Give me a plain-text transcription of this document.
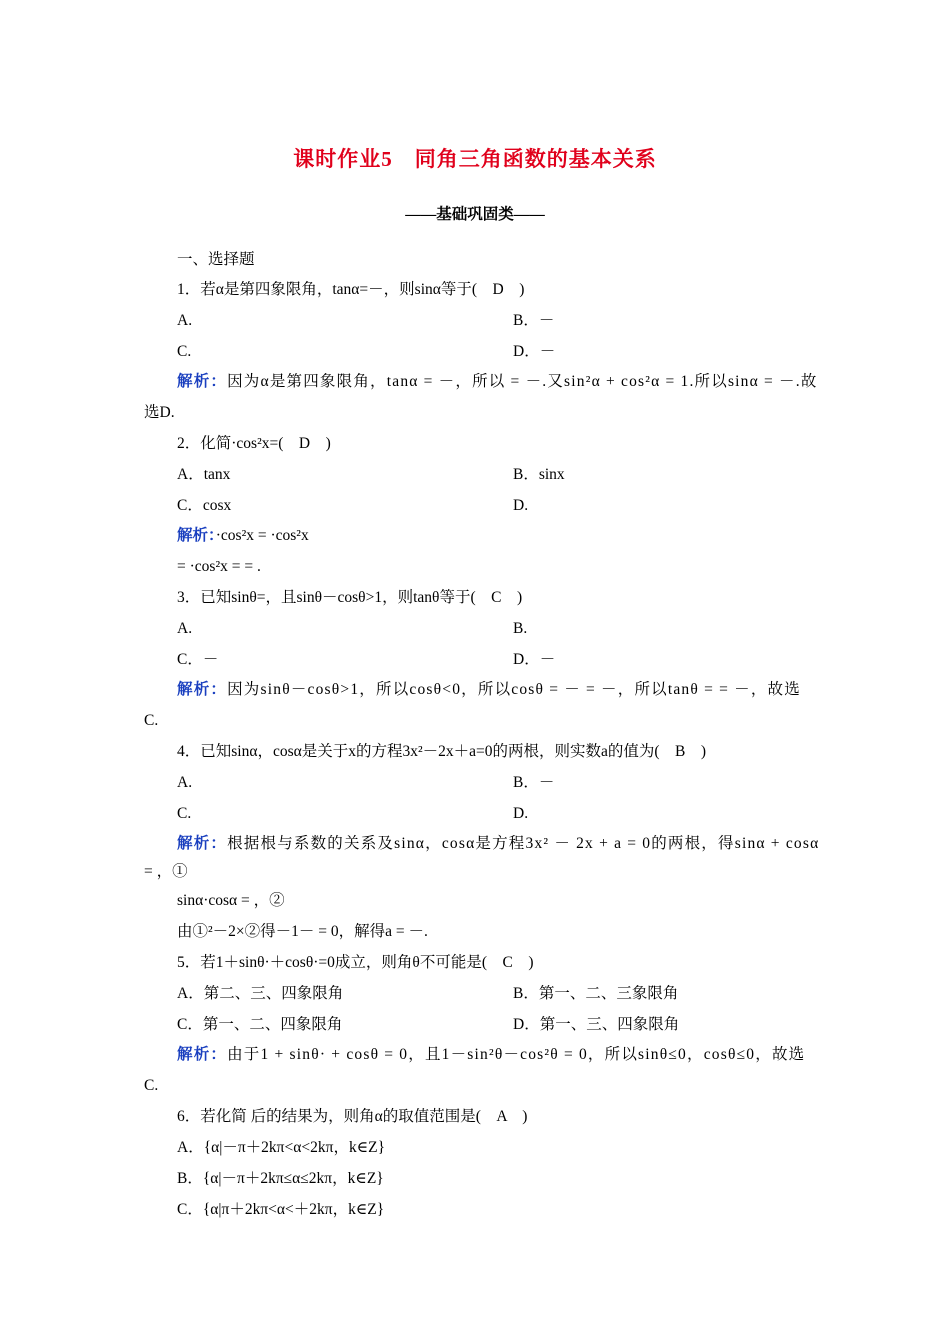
课时作业5　同角三角函数的基本关系
——基础巩固类——
一、选择题
1．若α是第四象限角，tanα=－，则sinα等于(　D　)
A.	B．－
C.	D．－
解析：因为α是第四象限角，tanα = －，所以 = －.又sin²α + cos²α = 1.所以sinα = －.故
选D.
2．化简·cos²x=(　D　)
A．tanx	B．sinx
C．cosx	D.
解析：·cos²x = ·cos²x
= ·cos²x = = .
3．已知sinθ=，且sinθ－cosθ>1，则tanθ等于(　C　)
A.	B.
C．－	D．－
解析：因为sinθ－cosθ>1，所以cosθ<0，所以cosθ = － = －，所以tanθ = = －，故选
C.
4．已知sinα，cosα是关于x的方程3x²－2x＋a=0的两根，则实数a的值为(　B　)
A.	B．－
C.	D.
解析：根据根与系数的关系及sinα，cosα是方程3x² － 2x + a = 0的两根，得sinα + cosα
= ，①
sinα·cosα = ，②
由①²－2×②得－1－ = 0，解得a = －.
5．若1＋sinθ·＋cosθ·=0成立，则角θ不可能是(　C　)
A．第二、三、四象限角	B．第一、二、三象限角
C．第一、二、四象限角	D．第一、三、四象限角
解析：由于1 + sinθ· + cosθ = 0，且1－sin²θ－cos²θ = 0，所以sinθ≤0，cosθ≤0，故选
C.
6．若化简 后的结果为，则角α的取值范围是(　A　)
A．{α|－π＋2kπ<α<2kπ，k∈Z}
B．{α|－π＋2kπ≤α≤2kπ，k∈Z}
C．{α|π＋2kπ<α<＋2kπ，k∈Z}
